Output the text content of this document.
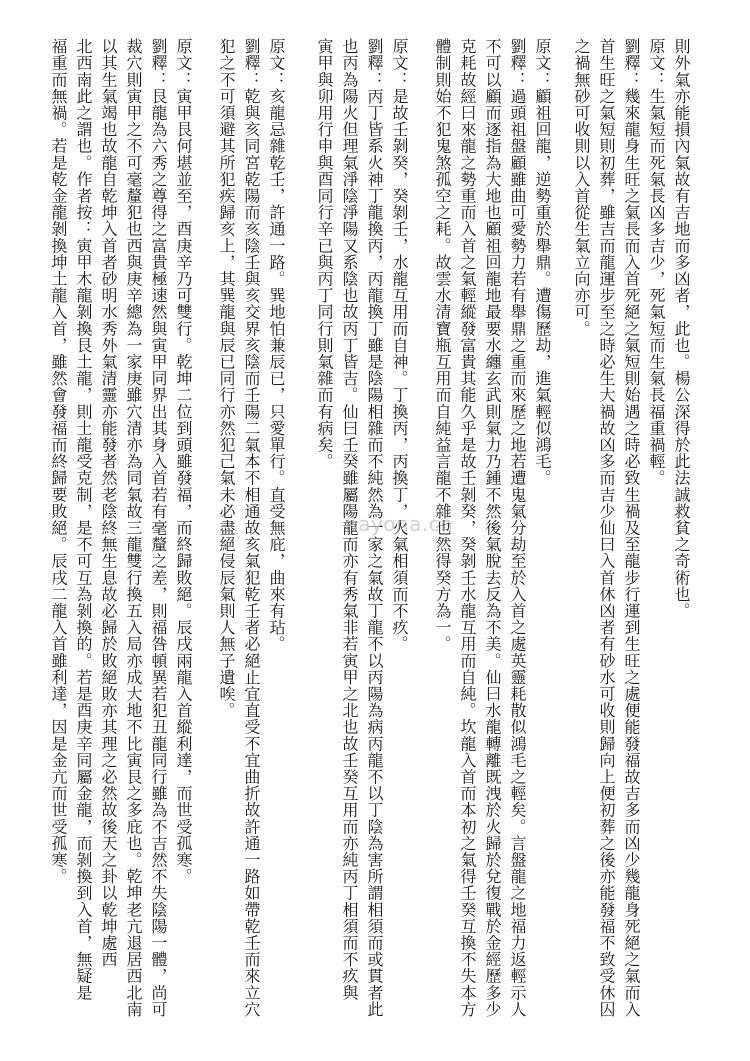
則外氣亦能損內氣故有吉地而多凶者，此也。楊公深得於此法誠救貧之奇術也。
原文：生氣短而死氣長凶多吉少，死氣短而生氣長福重禍輕。
劉釋：幾來龍身生旺之氣長而入首死絕之氣短則始遇之時必致生禍及至龍步行運到生旺之處便能發福故吉多而凶少幾龍身死絕之氣而入
首生旺之氣短則初葬，雖吉而龍運步至之時必生大禍故凶多而吉少仙曰入首休凶者有砂水可收則歸向上便初葬之後亦能發福不致受休囚
之禍無砂可收則以入首從生氣立向亦可。
原文：顧祖回龍，逆勢重於舉鼎。遭傷歷劫，進氣輕似鴻毛。
劉釋：過頭祖盤顧雖曲可愛勢力若有舉鼎之重而來歷之地若遭鬼氣分劫至於入首之處英靈耗散似鴻毛之輕矣。言盤龍之地福力返輕示人
不可以顧而逐指為大地也顧祖回龍地最要水纏玄武則氣力乃鍾不然後氣脫去反為不美。仙曰水龍轉離既洩於火歸於兌復戰於金經歷多少
克耗故經曰來龍之勢重而入首之氣輕縱發富貴其能久乎是故壬剝癸，癸剝壬水龍互用而自純。坎龍入首而本初之氣得壬癸互換不失本方
體制則始不犯鬼煞孤空之耗。故雲水清寶瓶互用而自純益言龍不雜也然得癸方為一。
原文：是故壬剝癸，癸剝壬，水龍互用而自神。丁換丙，丙換丁，火氣相須而不疚。
劉釋：丙丁皆系火神丁龍換丙，丙龍換丁雖是陰陽相雜而不純然為一家之氣故丁龍不以丙陽為病丙龍不以丁陰為害所謂相須而或貫者此
也丙為陽火但理氣淨陰淨陽又系陰也故丙丁皆吉。仙曰壬癸雖屬陽龍而亦有秀氣非若寅甲之北也故壬癸互用而亦純丙丁相須而不疚與
寅甲與卯用行申與酉同行辛已與丙丁同行則氣雜而有病矣。
原文：亥龍忌雜乾壬，許通一路。巽地怕兼辰已，只愛單行。直受無庇，曲來有玷。
劉釋：乾與亥同宮乾陽而亥陰壬與亥交界亥陰而壬陽二氣本不相通故亥氣犯乾壬者必絕止宜直受不宜曲折故許通一路如帶乾壬而來立穴
犯之不可須避其所犯疾歸亥上，其巽龍與辰已同行亦然犯己氣未必盡絕侵辰氣則人無子遺唉。
原文：寅甲艮何堪並至，酉庚辛乃可雙行。乾坤二位到頭雖發福，而終歸敗絕。辰戌兩龍入首縱利達，而世受孤寒。
劉釋：艮龍為六秀之尊得之富貴極速然與寅甲同界出其身入首若有毫釐之差，則福咎頓異若犯丑龍同行雖為不吉然不失陰陽一體，尚可
裁穴則寅甲之不可毫釐犯也西與庚辛總為一家庚雖穴清亦為同氣故三龍雙行換五入局亦成大地不比寅艮之多庇也。乾坤老亢退居西北南
以其生氣竭也故龍自乾坤入首者砂明水秀外氣清靈亦能發者然老陰終無生息故必歸於敗絕敗亦其理之必然故後天之卦以乾坤處西
北西南此之謂也。作者按：寅甲木龍剝換艮土龍，則土龍受克制，是不可互為剝換的。若是酉庚辛同屬金龍，而剝換到入首，無疑是
福重而無禍。若是乾金龍剝換坤土龍入首，雖然會發福而終歸要敗絕。辰戌二龍入首雖利達，因是金亢而世受孤寒。	nayona.cn
